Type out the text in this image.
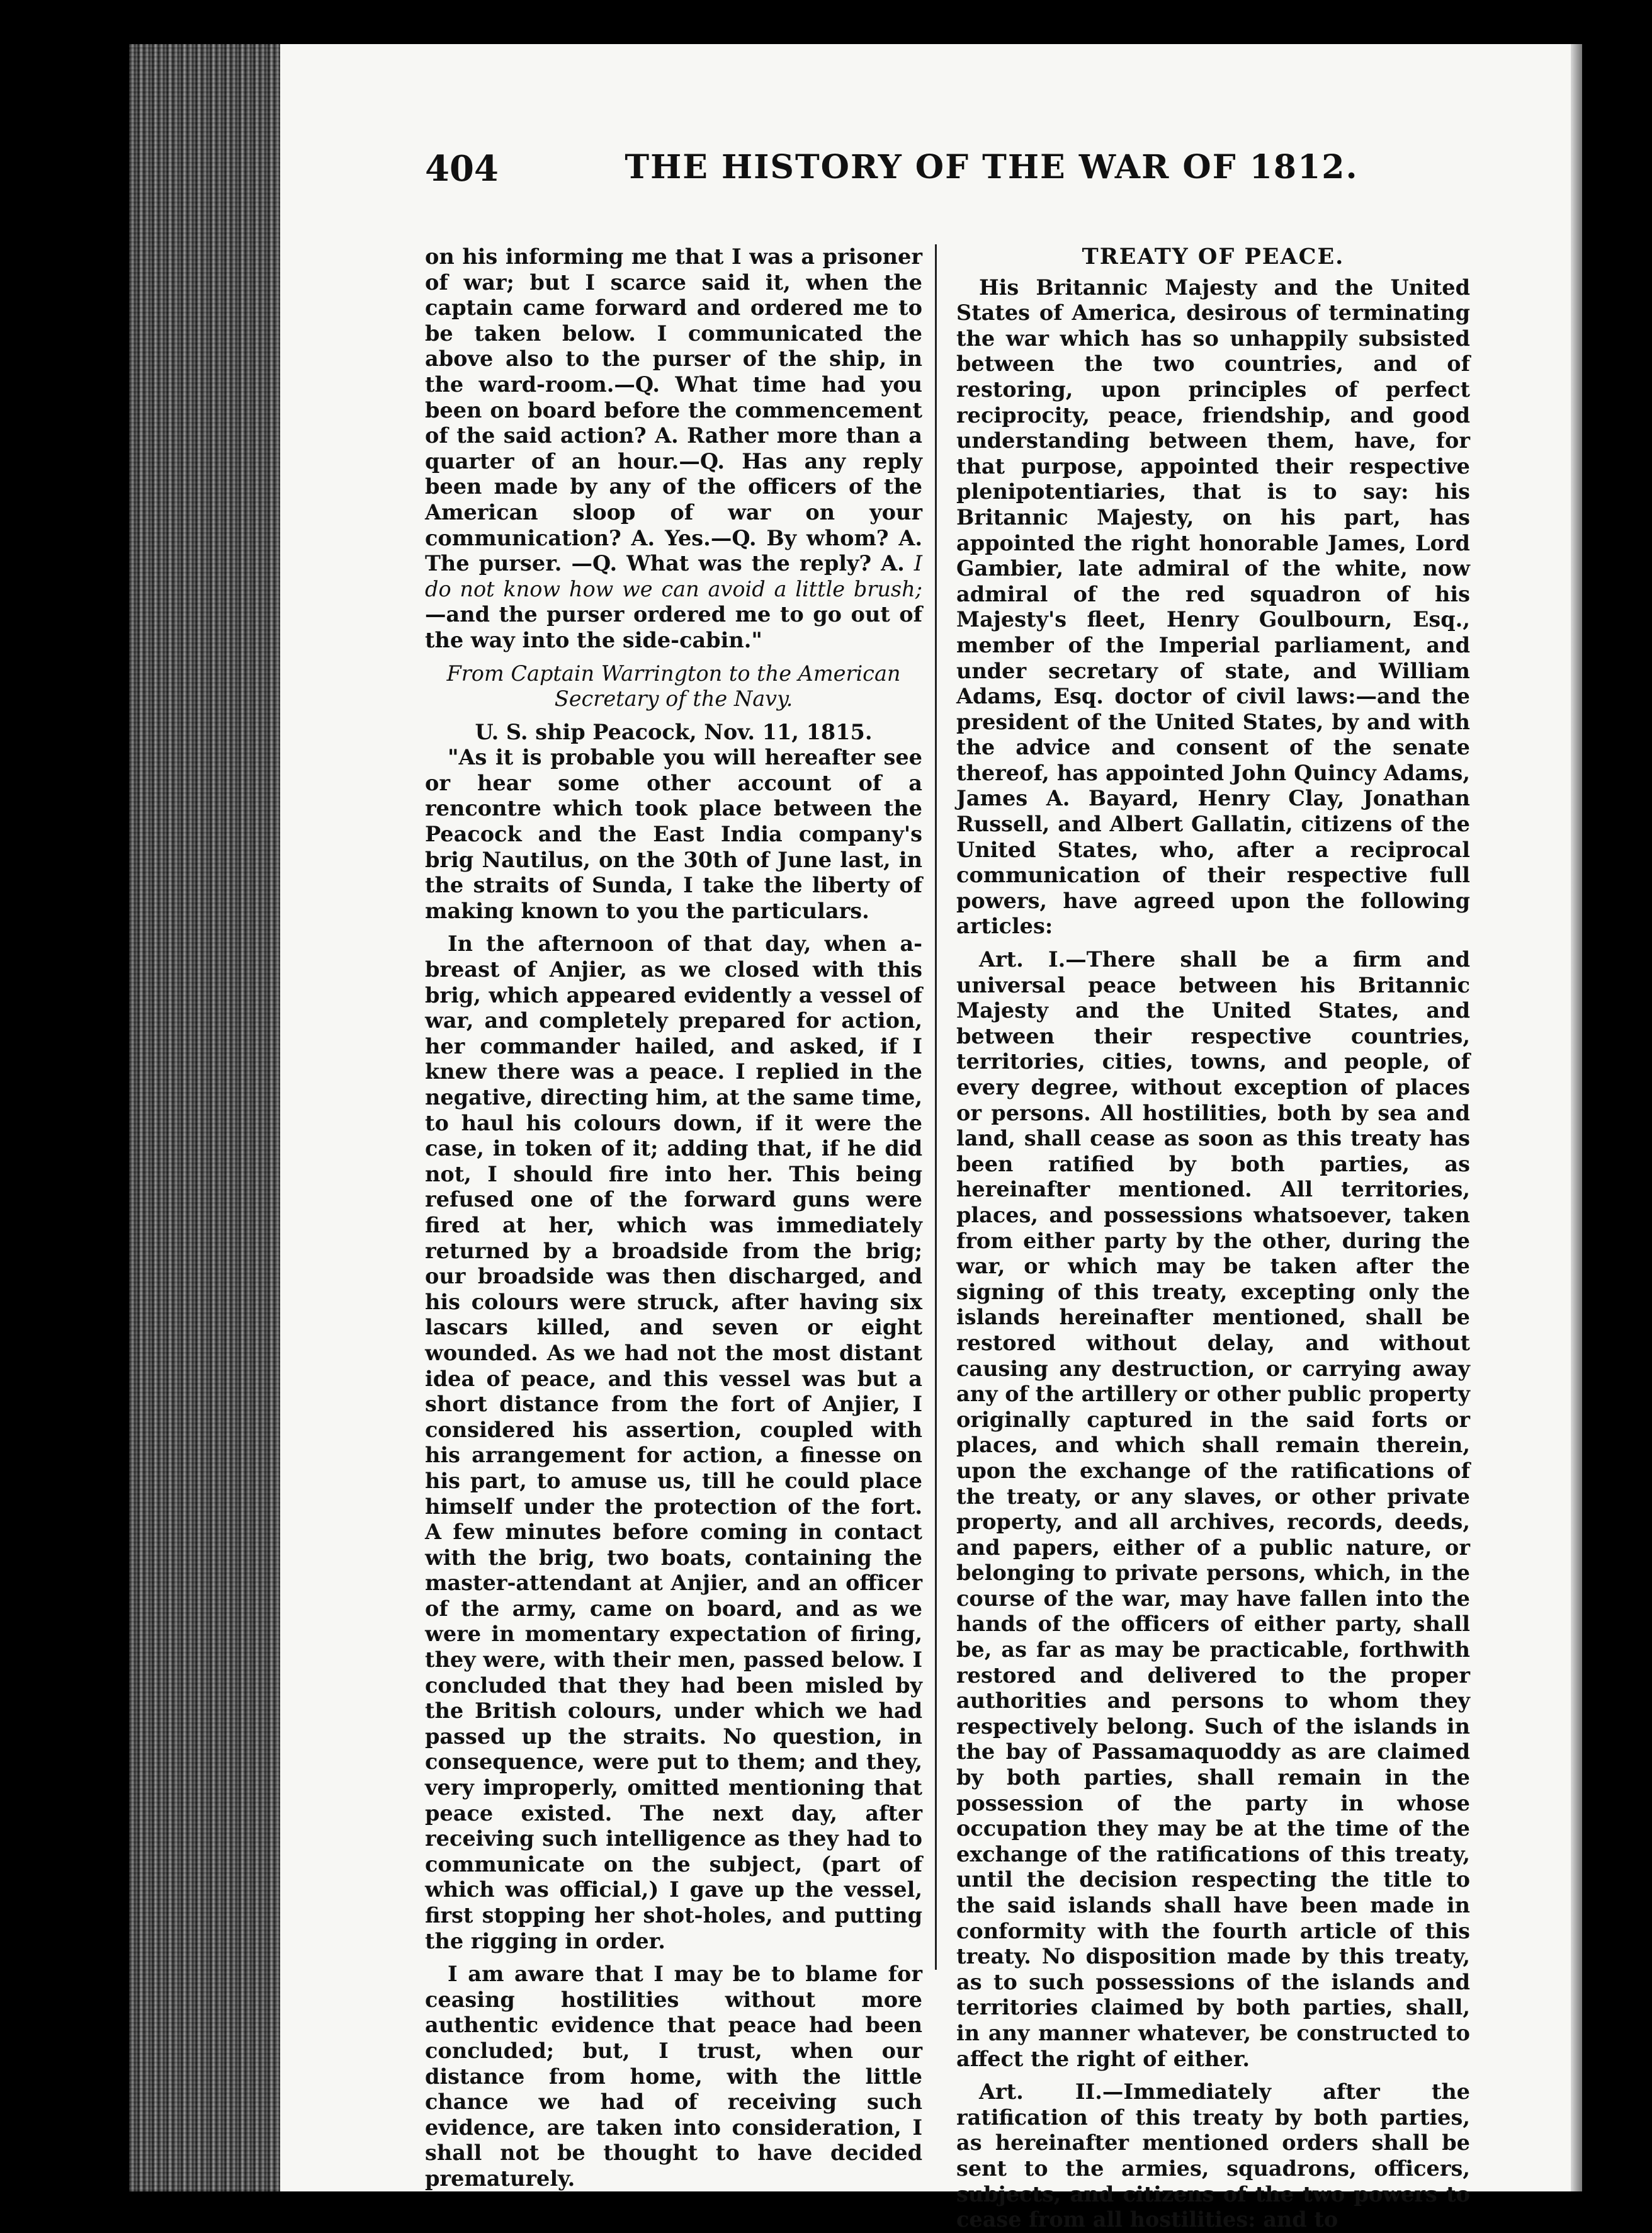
404	THE HISTORY OF THE WAR OF 1812.

on his informing me that I was a prisoner of war; but I scarce said it, when the captain came forward and ordered me to be taken below. I communicated the above also to the purser of the ship, in the ward-room.—Q. What time had you been on board before the commencement of the said action? A. Rather more than a quarter of an hour.—Q. Has any reply been made by any of the officers of the American sloop of war on your communication? A. Yes.—Q. By whom? A. The purser. —Q. What was the reply? A. I do not know how we can avoid a little brush;—and the purser ordered me to go out of the way into the side-cabin."

From Captain Warrington to the American Secretary of the Navy.

U. S. ship Peacock, Nov. 11, 1815.

"As it is probable you will hereafter see or hear some other account of a rencontre which took place between the Peacock and the East India company's brig Nautilus, on the 30th of June last, in the straits of Sunda, I take the liberty of making known to you the particulars.

In the afternoon of that day, when a-breast of Anjier, as we closed with this brig, which appeared evidently a vessel of war, and completely prepared for action, her commander hailed, and asked, if I knew there was a peace. I replied in the negative, directing him, at the same time, to haul his colours down, if it were the case, in token of it; adding that, if he did not, I should fire into her. This being refused one of the forward guns were fired at her, which was immediately returned by a broadside from the brig; our broadside was then discharged, and his colours were struck, after having six lascars killed, and seven or eight wounded. As we had not the most distant idea of peace, and this vessel was but a short distance from the fort of Anjier, I considered his assertion, coupled with his arrangement for action, a finesse on his part, to amuse us, till he could place himself under the protection of the fort. A few minutes before coming in contact with the brig, two boats, containing the master-attendant at Anjier, and an officer of the army, came on board, and as we were in momentary expectation of firing, they were, with their men, passed below. I concluded that they had been misled by the British colours, under which we had passed up the straits. No question, in consequence, were put to them; and they, very improperly, omitted mentioning that peace existed. The next day, after receiving such intelligence as they had to communicate on the subject, (part of which was official,) I gave up the vessel, first stopping her shot-holes, and putting the rigging in order.

I am aware that I may be to blame for ceasing hostilities without more authentic evidence that peace had been concluded; but, I trust, when our distance from home, with the little chance we had of receiving such evidence, are taken into consideration, I shall not be thought to have decided prematurely.

TREATY OF PEACE.

His Britannic Majesty and the United States of America, desirous of terminating the war which has so unhappily subsisted between the two countries, and of restoring, upon principles of perfect reciprocity, peace, friendship, and good understanding between them, have, for that purpose, appointed their respective plenipotentiaries, that is to say: his Britannic Majesty, on his part, has appointed the right honorable James, Lord Gambier, late admiral of the white, now admiral of the red squadron of his Majesty's fleet, Henry Goulbourn, Esq., member of the Imperial parliament, and under secretary of state, and William Adams, Esq. doctor of civil laws:—and the president of the United States, by and with the advice and consent of the senate thereof, has appointed John Quincy Adams, James A. Bayard, Henry Clay, Jonathan Russell, and Albert Gallatin, citizens of the United States, who, after a reciprocal communication of their respective full powers, have agreed upon the following articles:

Art. I.—There shall be a firm and universal peace between his Britannic Majesty and the United States, and between their respective countries, territories, cities, towns, and people, of every degree, without exception of places or persons. All hostilities, both by sea and land, shall cease as soon as this treaty has been ratified by both parties, as hereinafter mentioned. All territories, places, and possessions whatsoever, taken from either party by the other, during the war, or which may be taken after the signing of this treaty, excepting only the islands hereinafter mentioned, shall be restored without delay, and without causing any destruction, or carrying away any of the artillery or other public property originally captured in the said forts or places, and which shall remain therein, upon the exchange of the ratifications of the treaty, or any slaves, or other private property, and all archives, records, deeds, and papers, either of a public nature, or belonging to private persons, which, in the course of the war, may have fallen into the hands of the officers of either party, shall be, as far as may be practicable, forthwith restored and delivered to the proper authorities and persons to whom they respectively belong. Such of the islands in the bay of Passamaquoddy as are claimed by both parties, shall remain in the possession of the party in whose occupation they may be at the time of the exchange of the ratifications of this treaty, until the decision respecting the title to the said islands shall have been made in conformity with the fourth article of this treaty. No disposition made by this treaty, as to such possessions of the islands and territories claimed by both parties, shall, in any manner whatever, be constructed to affect the right of either.

Art. II.—Immediately after the ratification of this treaty by both parties, as hereinafter mentioned orders shall be sent to the armies, squadrons, officers, subjects, and citizens of the two powers to cease from all hostilities: and to
